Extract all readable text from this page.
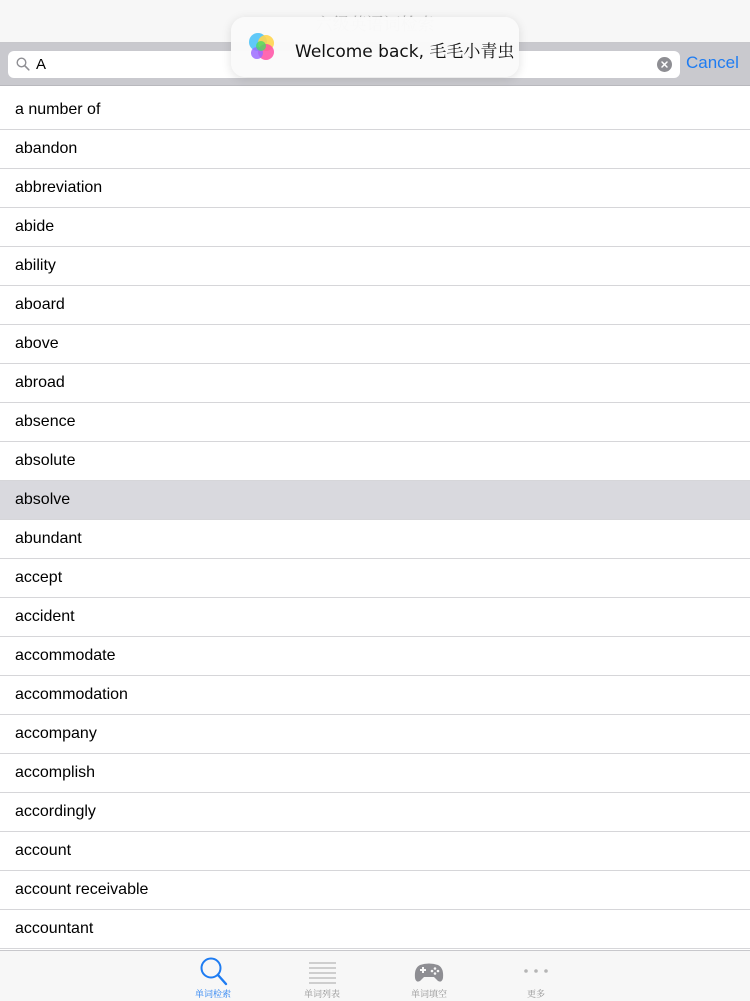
A
Cancel
Welcome back, 毛毛小青虫
a number of
abandon
abbreviation
abide
ability
aboard
above
abroad
absence
absolute
absolve
abundant
accept
accident
accommodate
accommodation
accompany
accomplish
accordingly
account
account receivable
accountant
单词检索	单词列表	单词填空	更多
